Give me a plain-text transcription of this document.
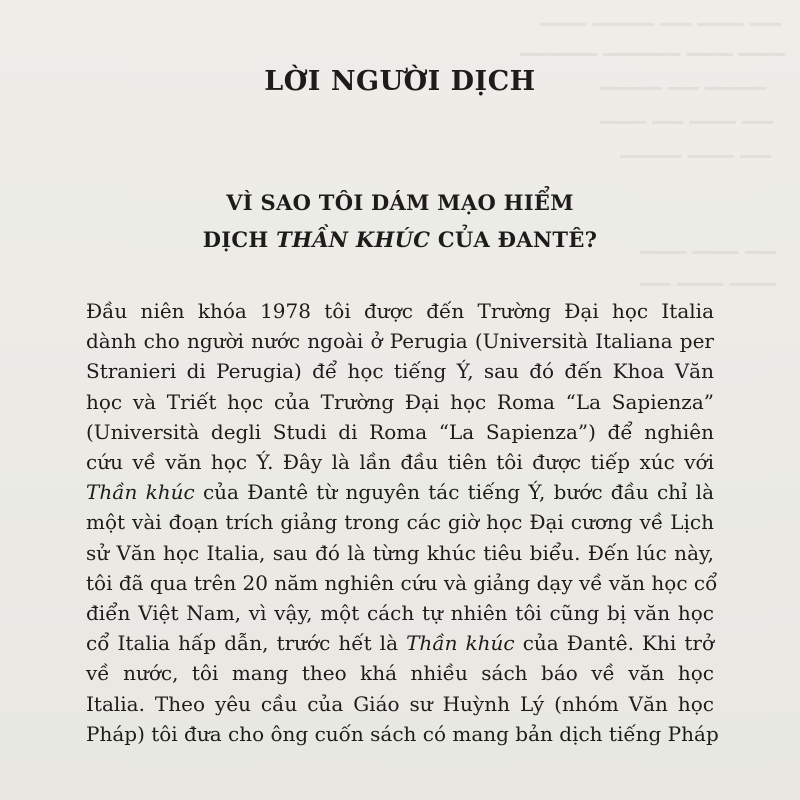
▁▁▁ ▁▁▁▁ ▁▁ ▁▁▁ ▁▁
▁▁▁▁▁ ▁▁▁▁▁ ▁▁▁ ▁▁▁
▁▁▁▁ ▁▁ ▁▁▁▁
▁▁▁ ▁▁ ▁▁▁ ▁▁
▁▁▁▁ ▁▁▁ ▁▁
▁▁▁ ▁▁▁ ▁▁
▁▁ ▁▁▁ ▁▁▁
LỜI NGƯỜI DỊCH
VÌ SAO TÔI DÁM MẠO HIỂM
DỊCH THẦN KHÚC CỦA ĐANTÊ?
Đầu niên khóa 1978 tôi được đến Trường Đại học Italia
dành cho người nước ngoài ở Perugia (Università Italiana per
Stranieri di Perugia) để học tiếng Ý, sau đó đến Khoa Văn
học và Triết học của Trường Đại học Roma “La Sapienza”
(Università degli Studi di Roma “La Sapienza”) để nghiên
cứu về văn học Ý. Đây là lần đầu tiên tôi được tiếp xúc với
Thần khúc của Đantê từ nguyên tác tiếng Ý, bước đầu chỉ là
một vài đoạn trích giảng trong các giờ học Đại cương về Lịch
sử Văn học Italia, sau đó là từng khúc tiêu biểu. Đến lúc này,
tôi đã qua trên 20 năm nghiên cứu và giảng dạy về văn học cổ
điển Việt Nam, vì vậy, một cách tự nhiên tôi cũng bị văn học
cổ Italia hấp dẫn, trước hết là Thần khúc của Đantê. Khi trở
về nước, tôi mang theo khá nhiều sách báo về văn học
Italia. Theo yêu cầu của Giáo sư Huỳnh Lý (nhóm Văn học
Pháp) tôi đưa cho ông cuốn sách có mang bản dịch tiếng Pháp
